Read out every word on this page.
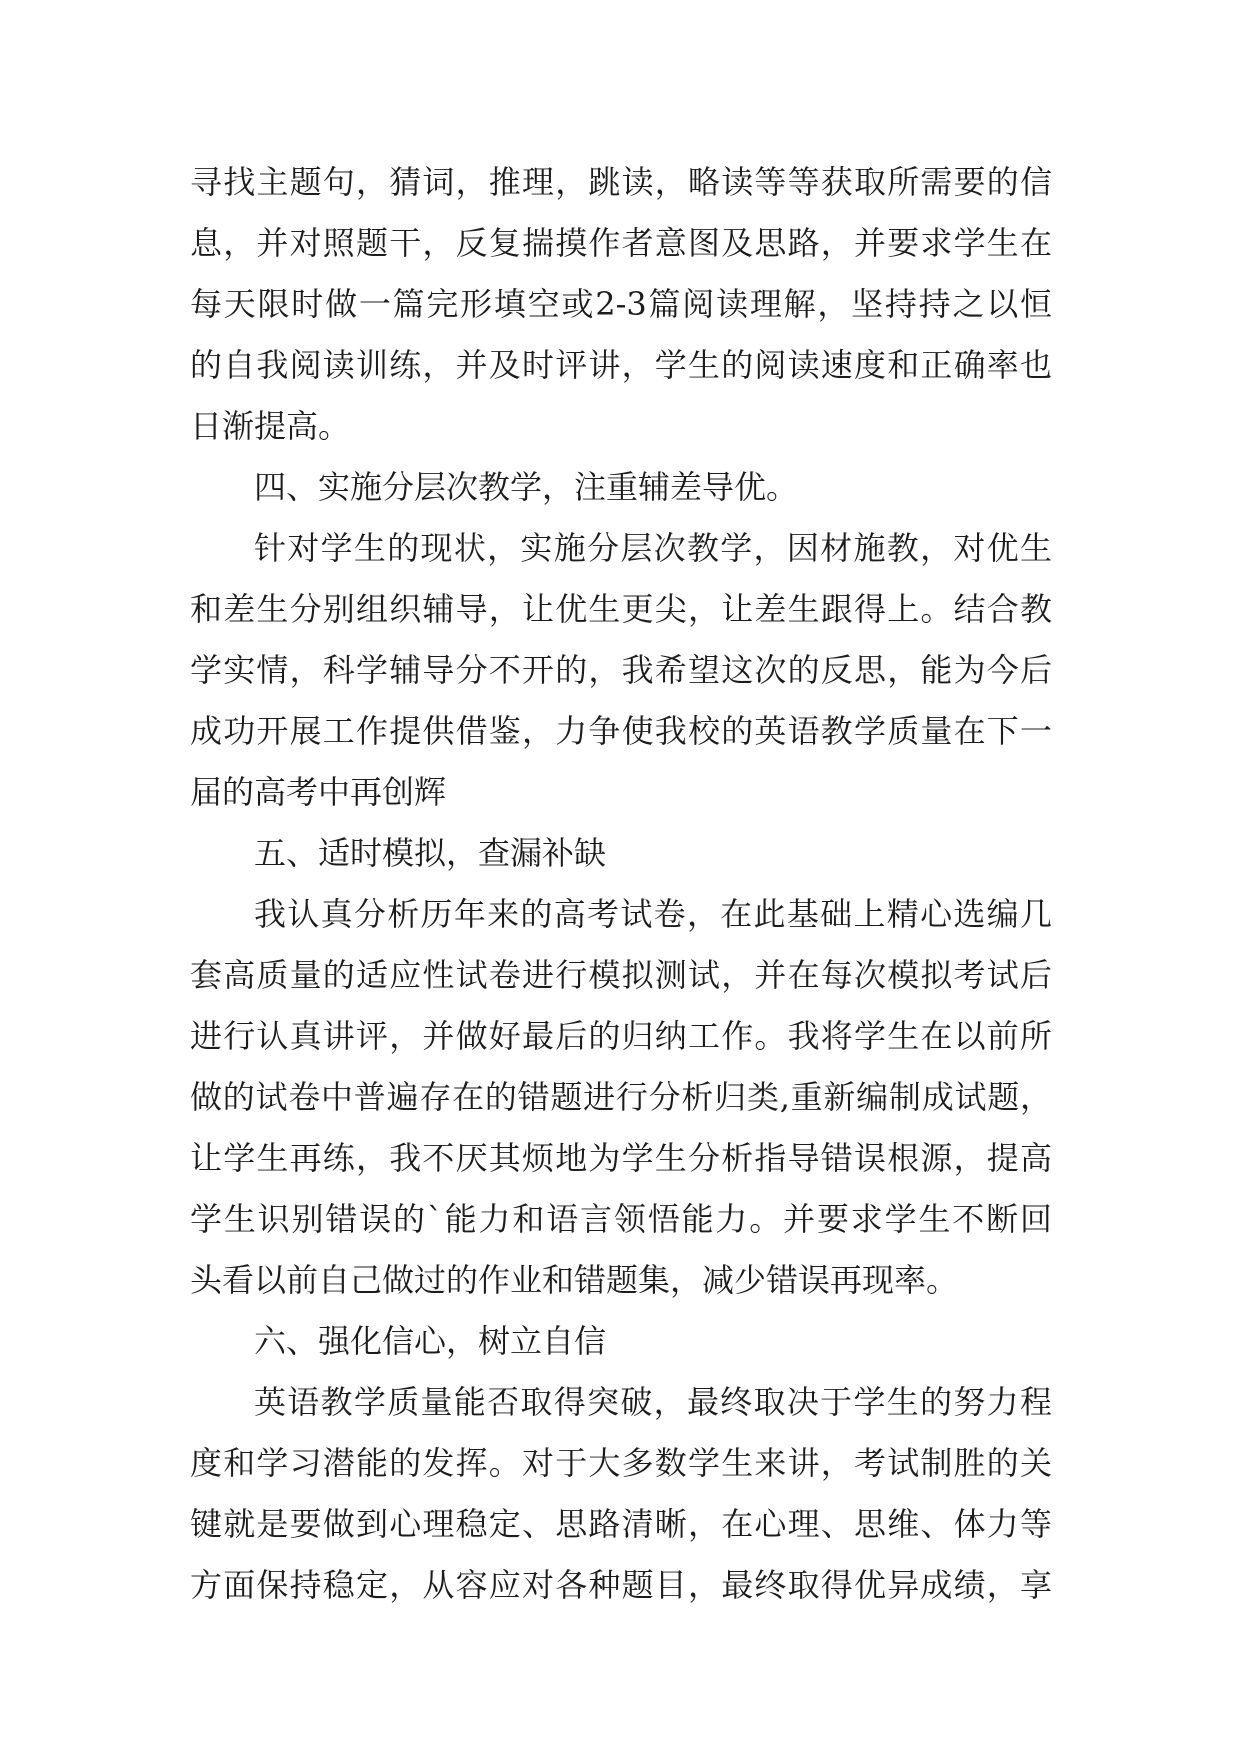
寻找主题句，猜词，推理，跳读，略读等等获取所需要的信
息，并对照题干，反复揣摸作者意图及思路，并要求学生在
每天限时做一篇完形填空或2-3篇阅读理解，坚持持之以恒
的自我阅读训练，并及时评讲，学生的阅读速度和正确率也
日渐提高。
四、实施分层次教学，注重辅差导优。
针对学生的现状，实施分层次教学，因材施教，对优生
和差生分别组织辅导，让优生更尖，让差生跟得上。结合教
学实情，科学辅导分不开的，我希望这次的反思，能为今后
成功开展工作提供借鉴，力争使我校的英语教学质量在下一
届的高考中再创辉
五、适时模拟，查漏补缺
我认真分析历年来的高考试卷，在此基础上精心选编几
套高质量的适应性试卷进行模拟测试，并在每次模拟考试后
进行认真讲评，并做好最后的归纳工作。我将学生在以前所
做的试卷中普遍存在的错题进行分析归类,重新编制成试题，
让学生再练，我不厌其烦地为学生分析指导错误根源，提高
学生识别错误的`能力和语言领悟能力。并要求学生不断回
头看以前自己做过的作业和错题集，减少错误再现率。
六、强化信心，树立自信
英语教学质量能否取得突破，最终取决于学生的努力程
度和学习潜能的发挥。对于大多数学生来讲，考试制胜的关
键就是要做到心理稳定、思路清晰，在心理、思维、体力等
方面保持稳定，从容应对各种题目，最终取得优异成绩，享
